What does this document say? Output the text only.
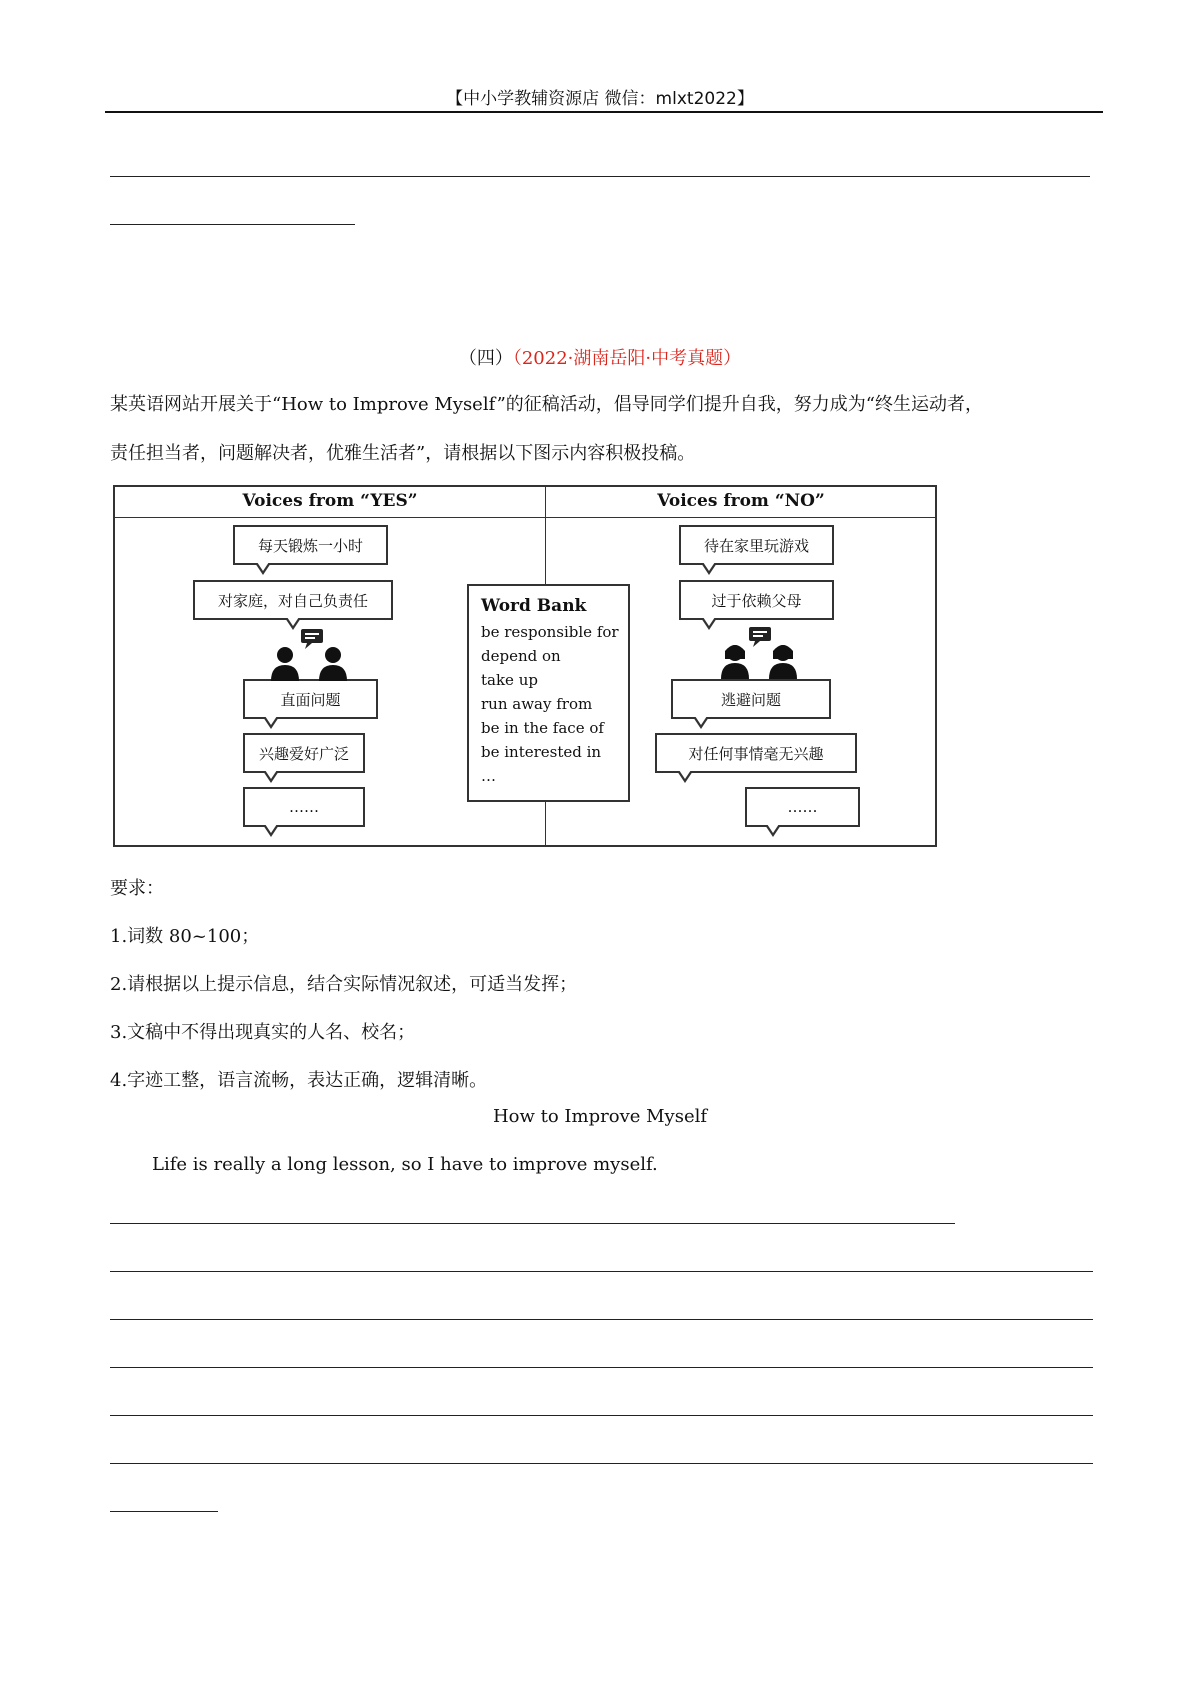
【中小学教辅资源店 微信：mlxt2022】
（四）（2022·湖南岳阳·中考真题）
某英语网站开展关于“How to Improve Myself”的征稿活动，倡导同学们提升自我，努力成为“终生运动者，
责任担当者，问题解决者，优雅生活者”，请根据以下图示内容积极投稿。
Voices from “YES”	Voices from “NO”
每天锻炼一小时
对家庭，对自己负责任
直面问题
兴趣爱好广泛
……
Word Bank
be responsible for
depend on
take up
run away from
be in the face of
be interested in
…
待在家里玩游戏
过于依赖父母
逃避问题
对任何事情毫无兴趣
……
要求：
1.词数 80~100；
2.请根据以上提示信息，结合实际情况叙述，可适当发挥；
3.文稿中不得出现真实的人名、校名；
4.字迹工整，语言流畅，表达正确，逻辑清晰。
How to Improve Myself
Life is really a long lesson, so I have to improve myself.
